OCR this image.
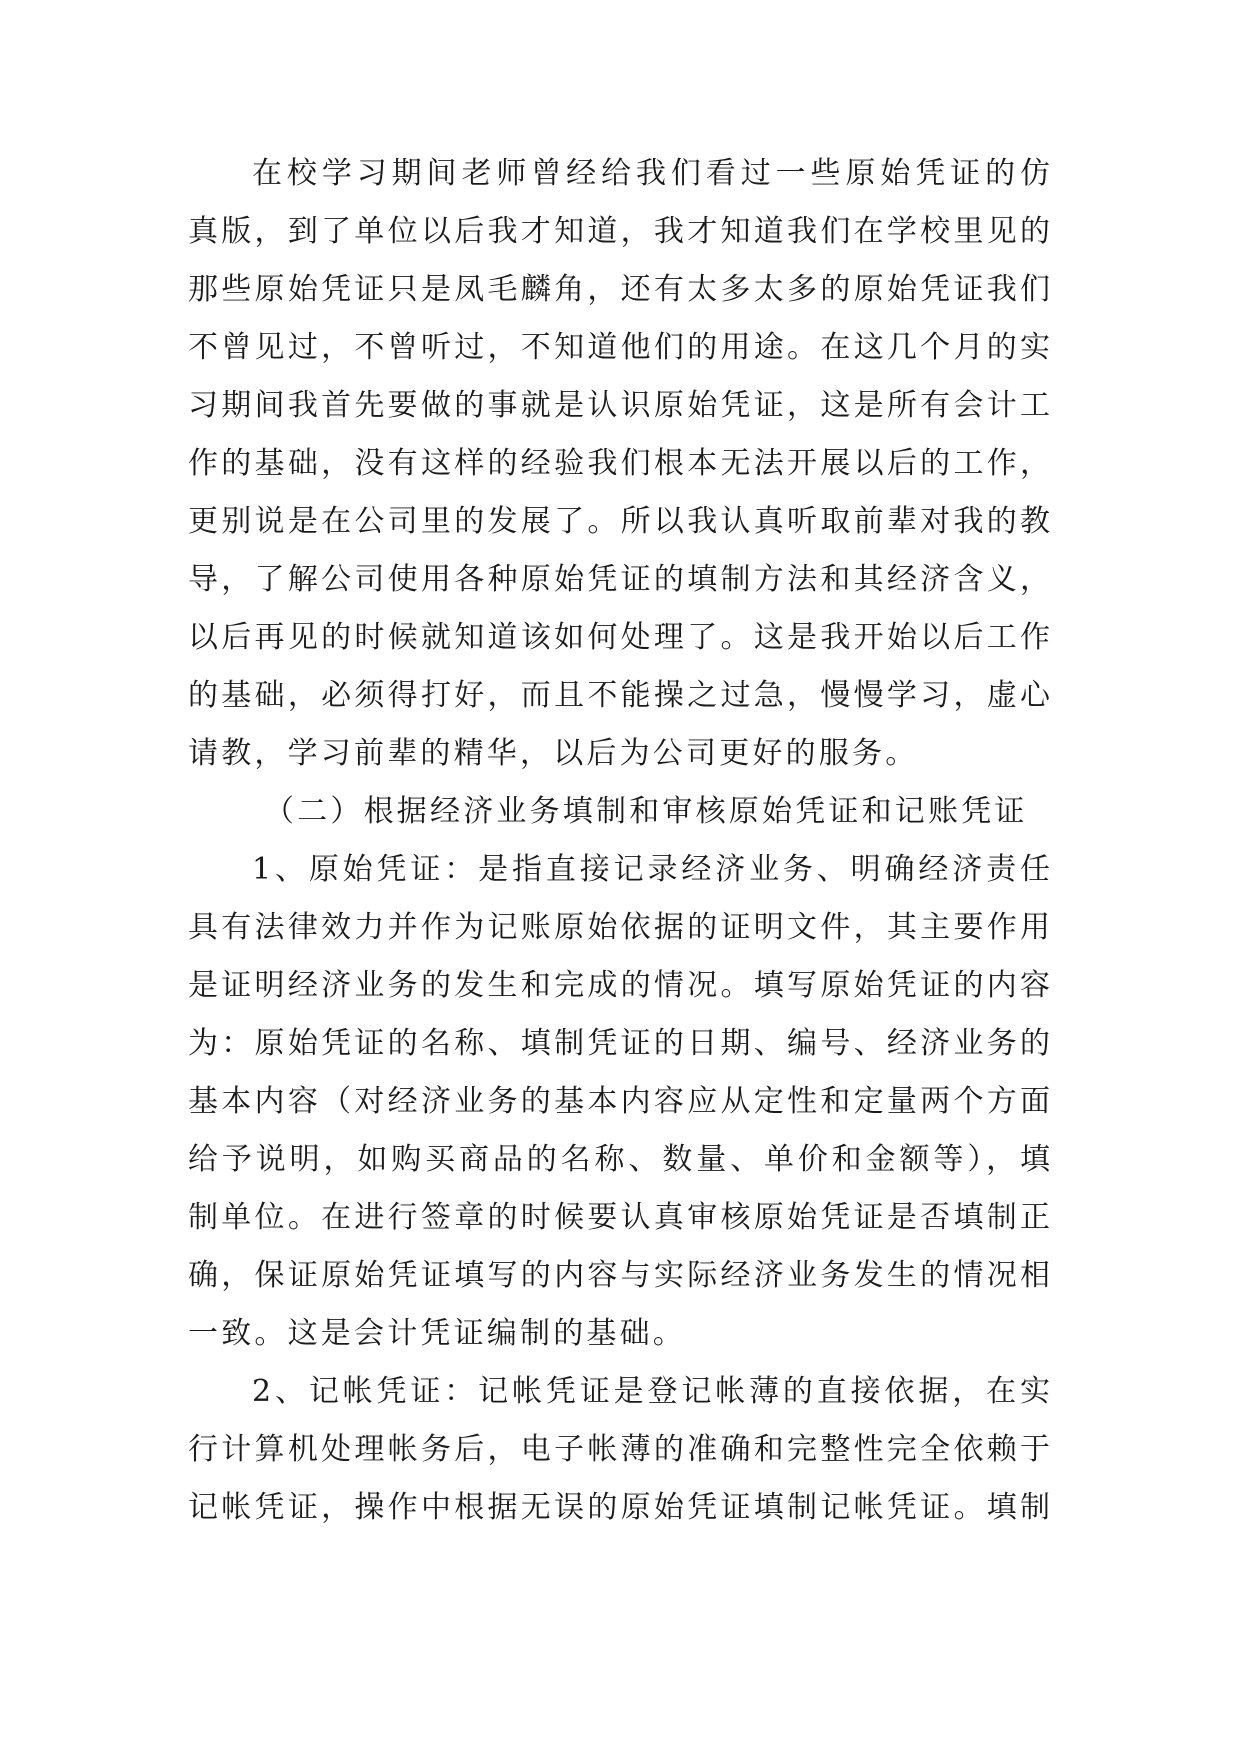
在校学习期间老师曾经给我们看过一些原始凭证的仿
真版，到了单位以后我才知道，我才知道我们在学校里见的
那些原始凭证只是凤毛麟角，还有太多太多的原始凭证我们
不曾见过，不曾听过，不知道他们的用途。在这几个月的实
习期间我首先要做的事就是认识原始凭证，这是所有会计工
作的基础，没有这样的经验我们根本无法开展以后的工作，
更别说是在公司里的发展了。所以我认真听取前辈对我的教
导，了解公司使用各种原始凭证的填制方法和其经济含义，
以后再见的时候就知道该如何处理了。这是我开始以后工作
的基础，必须得打好，而且不能操之过急，慢慢学习，虚心
请教，学习前辈的精华，以后为公司更好的服务。
（二）根据经济业务填制和审核原始凭证和记账凭证
1、原始凭证：是指直接记录经济业务、明确经济责任
具有法律效力并作为记账原始依据的证明文件，其主要作用
是证明经济业务的发生和完成的情况。填写原始凭证的内容
为：原始凭证的名称、填制凭证的日期、编号、经济业务的
基本内容（对经济业务的基本内容应从定性和定量两个方面
给予说明，如购买商品的名称、数量、单价和金额等），填
制单位。在进行签章的时候要认真审核原始凭证是否填制正
确，保证原始凭证填写的内容与实际经济业务发生的情况相
一致。这是会计凭证编制的基础。
2、记帐凭证：记帐凭证是登记帐薄的直接依据，在实
行计算机处理帐务后，电子帐薄的准确和完整性完全依赖于
记帐凭证，操作中根据无误的原始凭证填制记帐凭证。填制
